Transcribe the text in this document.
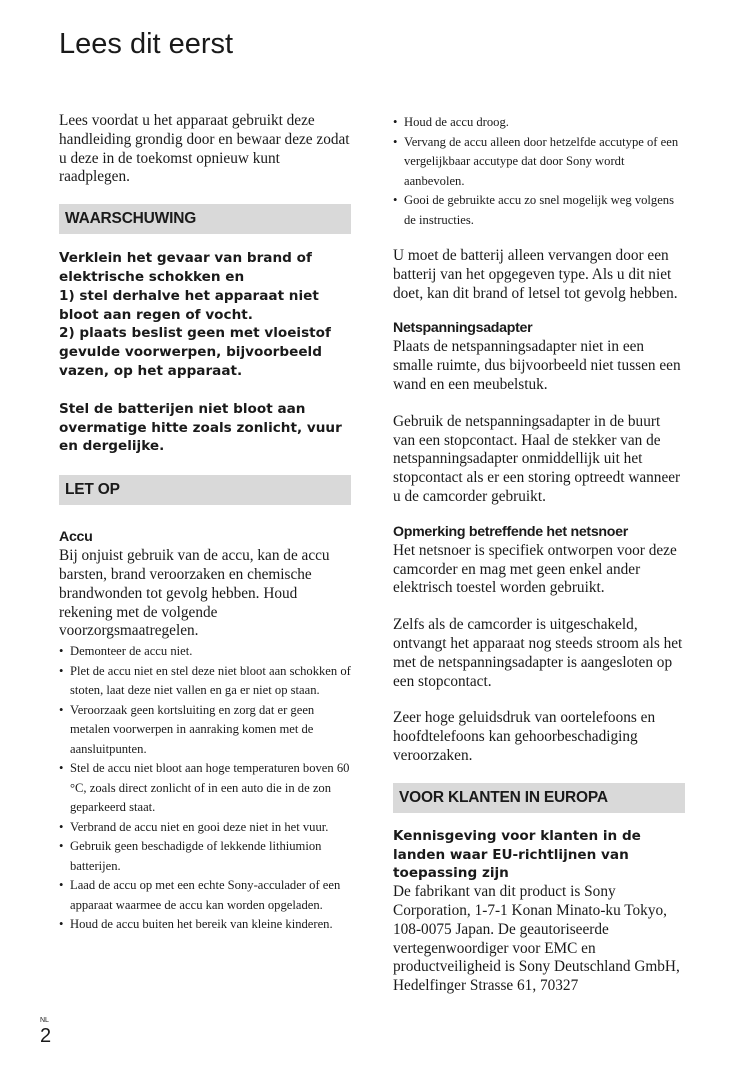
Lees dit eerst

Lees voordat u het apparaat gebruikt deze handleiding grondig door en bewaar deze zodat u deze in de toekomst opnieuw kunt raadplegen.

WAARSCHUWING

Verklein het gevaar van brand of elektrische schokken en

1) stel derhalve het apparaat niet bloot aan regen of vocht.

2) plaats beslist geen met vloeistof gevulde voorwerpen, bijvoorbeeld vazen, op het apparaat.

Stel de batterijen niet bloot aan overmatige hitte zoals zonlicht, vuur en dergelijke.

LET OP

Accu

Bij onjuist gebruik van de accu, kan de accu barsten, brand veroorzaken en chemische brandwonden tot gevolg hebben. Houd rekening met de volgende voorzorgsmaatregelen.

• Demonteer de accu niet.
• Plet de accu niet en stel deze niet bloot aan schokken of stoten, laat deze niet vallen en ga er niet op staan.
• Veroorzaak geen kortsluiting en zorg dat er geen metalen voorwerpen in aanraking komen met de aansluitpunten.
• Stel de accu niet bloot aan hoge temperaturen boven 60 °C, zoals direct zonlicht of in een auto die in de zon geparkeerd staat.
• Verbrand de accu niet en gooi deze niet in het vuur.
• Gebruik geen beschadigde of lekkende lithiumion batterijen.
• Laad de accu op met een echte Sony-acculader of een apparaat waarmee de accu kan worden opgeladen.
• Houd de accu buiten het bereik van kleine kinderen.
• Houd de accu droog.
• Vervang de accu alleen door hetzelfde accutype of een vergelijkbaar accutype dat door Sony wordt aanbevolen.
• Gooi de gebruikte accu zo snel mogelijk weg volgens de instructies.

U moet de batterij alleen vervangen door een batterij van het opgegeven type. Als u dit niet doet, kan dit brand of letsel tot gevolg hebben.

Netspanningsadapter

Plaats de netspanningsadapter niet in een smalle ruimte, dus bijvoorbeeld niet tussen een wand en een meubelstuk.

Gebruik de netspanningsadapter in de buurt van een stopcontact. Haal de stekker van de netspanningsadapter onmiddellijk uit het stopcontact als er een storing optreedt wanneer u de camcorder gebruikt.

Opmerking betreffende het netsnoer

Het netsnoer is specifiek ontworpen voor deze camcorder en mag met geen enkel ander elektrisch toestel worden gebruikt.

Zelfs als de camcorder is uitgeschakeld, ontvangt het apparaat nog steeds stroom als het met de netspanningsadapter is aangesloten op een stopcontact.

Zeer hoge geluidsdruk van oortelefoons en hoofdtelefoons kan gehoorbeschadiging veroorzaken.

VOOR KLANTEN IN EUROPA

Kennisgeving voor klanten in de landen waar EU-richtlijnen van toepassing zijn

De fabrikant van dit product is Sony Corporation, 1-7-1 Konan Minato-ku Tokyo, 108-0075 Japan. De geautoriseerde vertegenwoordiger voor EMC en productveiligheid is Sony Deutschland GmbH, Hedelfinger Strasse 61, 70327

NL
2
